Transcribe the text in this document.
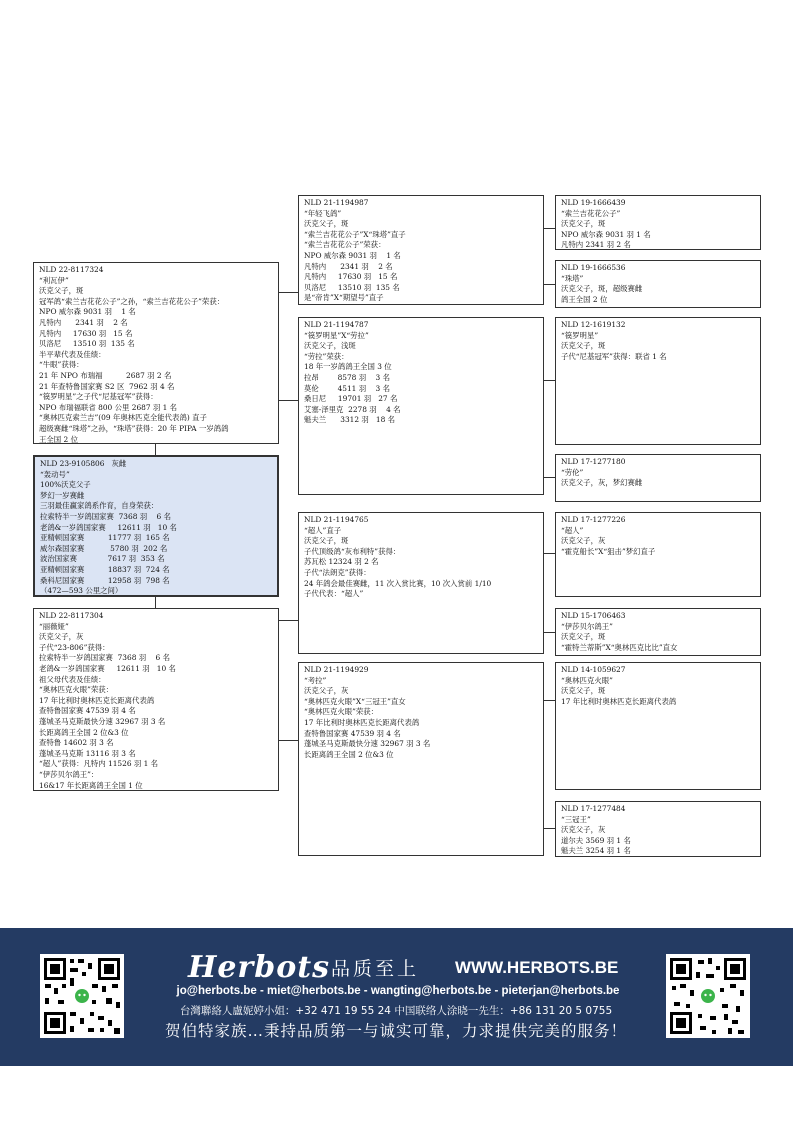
NLD 22-8117324
“利瓦伊”
沃克父子，斑
冠军鸽“索兰吉花花公子”之孙，“索兰吉花花公子”荣获：
NPO 威尔森 9031 羽    1 名
凡特内      2341 羽    2 名
凡特内     17630 羽   15 名
贝洛尼     13510 羽  135 名
半平辈代表及佳绩：
“牛眼”获得：
21 年 NPO 布瑞福          2687 羽 2 名
21 年查特鲁国家赛 S2 区  7962 羽 4 名
“篌罗明星”之子代“尼基冠军”获得：
NPO 布瑞福联省 800 公里 2687 羽 1 名
“奥林匹克索兰吉”(09 年奥林匹克全能代表鸽) 直子
超级赛雌“珠塔”之孙，“珠塔”获得：20 年 PIPA 一岁鸽鸽
王全国 2 位
NLD 23-9105806   灰雌
“轰动号”
100%沃克父子
梦幻一岁赛雌
三羽最佳赢家鸽系作育，自身荣获：
拉索特半一岁鸽国家赛  7368 羽    6 名
老鸽&一岁鸽国家赛     12611 羽   10 名
亚精顿国家赛          11777 羽  165 名
威尔森国家赛           5780 羽  202 名
波治国家赛             7617 羽  353 名
亚精顿国家赛          18837 羽  724 名
桑科尼国家赛          12958 羽  798 名
（472—593 公里之间）
NLD 22-8117304
“丽薇娅”
沃克父子，灰
子代“23-806”获得：
拉索特半一岁鸽国家赛  7368 羽    6 名
老鸽&一岁鸽国家赛     12611 羽   10 名
祖父母代表及佳绩：
“奥林匹克火眼”荣获：
17 年比利时奥林匹克长距离代表鸽
查特鲁国家赛 47539 羽 4 名
蓬城圣马克斯最快分速 32967 羽 3 名
长距离鸽王全国 2 位&3 位
查特鲁 14602 羽 3 名
蓬城圣马克斯 13116 羽 3 名
“超人”获得：凡特内 11526 羽 1 名
“伊莎贝尔鸽王”：
16&17 年长距离鸽王全国 1 位
NLD 21-1194987
“年轻飞鸽”
沃克父子，斑
“索兰吉花花公子”X“珠塔”直子
“索兰吉花花公子”荣获：
NPO 威尔森 9031 羽    1 名
凡特内      2341 羽    2 名
凡特内     17630 羽   15 名
贝洛尼     13510 羽  135 名
是“帝肯”X“期望号”直子
NLD 21-1194787
“篌罗明星”X“劳拉”
沃克父子，浅斑
“劳拉”荣获：
18 年一岁鸽鸽王全国 3 位
拉昂        8578 羽    3 名
莫伦        4511 羽    3 名
桑日尼     19701 羽   27 名
艾塞-泽里克  2278 羽    4 名
魁夫兰      3312 羽   18 名
NLD 21-1194765
“超人”直子
沃克父子，斑
子代顶级鸽“灰布利特”获得：
苏瓦松 12324 羽 2 名
子代“法朗克”获得：
24 年鸽会最佳赛雌，11 次入赏比赛，10 次入赏前 1/10
子代代表：“超人”
NLD 21-1194929
“考拉”
沃克父子，灰
“奥林匹克火眼”X“三冠王”直女
“奥林匹克火眼”荣获：
17 年比利时奥林匹克长距离代表鸽
查特鲁国家赛 47539 羽 4 名
蓬城圣马克斯最快分速 32967 羽 3 名
长距离鸽王全国 2 位&3 位
NLD 19-1666439
“索兰吉花花公子”
沃克父子，斑
NPO 威尔森 9031 羽 1 名
凡特内 2341 羽 2 名
NLD 19-1666536
“珠塔”
沃克父子，斑，超级赛雌
鸽王全国 2 位
NLD 12-1619132
“篌罗明星”
沃克父子，斑
子代“尼基冠军”获得：联省 1 名
NLD 17-1277180
“劳伦”
沃克父子，灰，梦幻赛雌
NLD 17-1277226
“超人”
沃克父子，灰
“霍克船长”X“狙击”梦幻直子
NLD 15-1706463
“伊莎贝尔鸽王”
沃克父子，斑
“霍特兰蒂斯”X“奥林匹克比比”直女
NLD 14-1059627
“奥林匹克火眼”
沃克父子，斑
17 年比利时奥林匹克长距离代表鸽
NLD 17-1277484
“三冠王”
沃克父子，灰
道尔夫 3569 羽 1 名
魁夫兰 3254 羽 1 名
Herbots 品质至上 WWW.HERBOTS.BE
jo@herbots.be - miet@herbots.be - wangting@herbots.be - pieterjan@herbots.be
台灣聯絡人盧妮婷小姐：+32 471 19 55 24 中国联络人涂晓一先生：+86 131 20 5 0755
贺伯特家族…秉持品质第一与诚实可靠，力求提供完美的服务！
